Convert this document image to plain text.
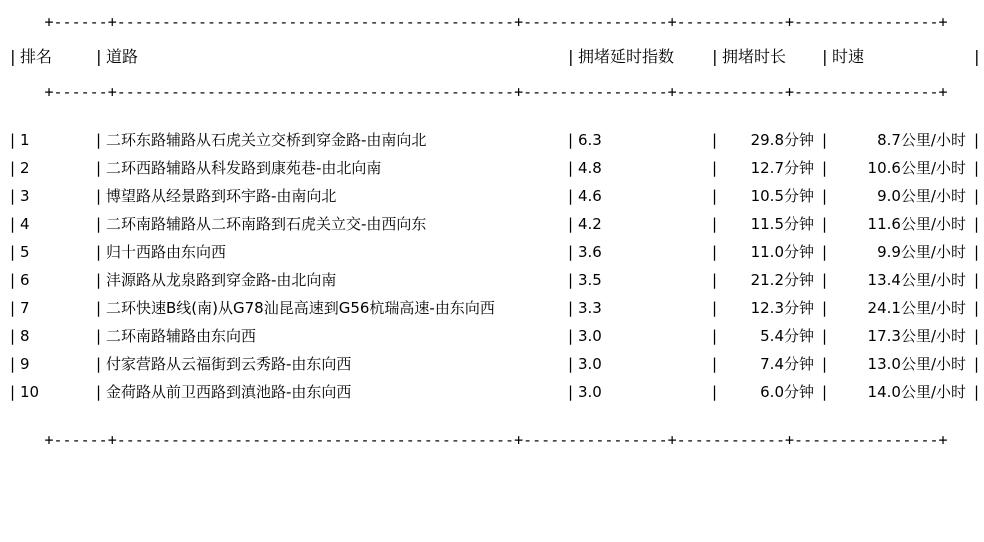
+------+--------------------------------------------+----------------+------------+----------------+										
|	排名	|	道路	|	拥堵延时指数	|	拥堵时长	|	时速	|
+------+--------------------------------------------+----------------+------------+----------------+										

|	1	|	二环东路辅路从石虎关立交桥到穿金路-由南向北	|	6.3	|	29.8分钟	|	8.7公里/小时	|
|	2	|	二环西路辅路从科发路到康苑巷-由北向南	|	4.8	|	12.7分钟	|	10.6公里/小时	|
|	3	|	博望路从经景路到环宇路-由南向北	|	4.6	|	10.5分钟	|	9.0公里/小时	|
|	4	|	二环南路辅路从二环南路到石虎关立交-由西向东	|	4.2	|	11.5分钟	|	11.6公里/小时	|
|	5	|	归十西路由东向西	|	3.6	|	11.0分钟	|	9.9公里/小时	|
|	6	|	沣源路从龙泉路到穿金路-由北向南	|	3.5	|	21.2分钟	|	13.4公里/小时	|
|	7	|	二环快速B线(南)从G78汕昆高速到G56杭瑞高速-由东向西	|	3.3	|	12.3分钟	|	24.1公里/小时	|
|	8	|	二环南路辅路由东向西	|	3.0	|	5.4分钟	|	17.3公里/小时	|
|	9	|	付家营路从云福街到云秀路-由东向西	|	3.0	|	7.4分钟	|	13.0公里/小时	|
|	10	|	金荷路从前卫西路到滇池路-由东向西	|	3.0	|	6.0分钟	|	14.0公里/小时	|

+------+--------------------------------------------+----------------+------------+----------------+										
